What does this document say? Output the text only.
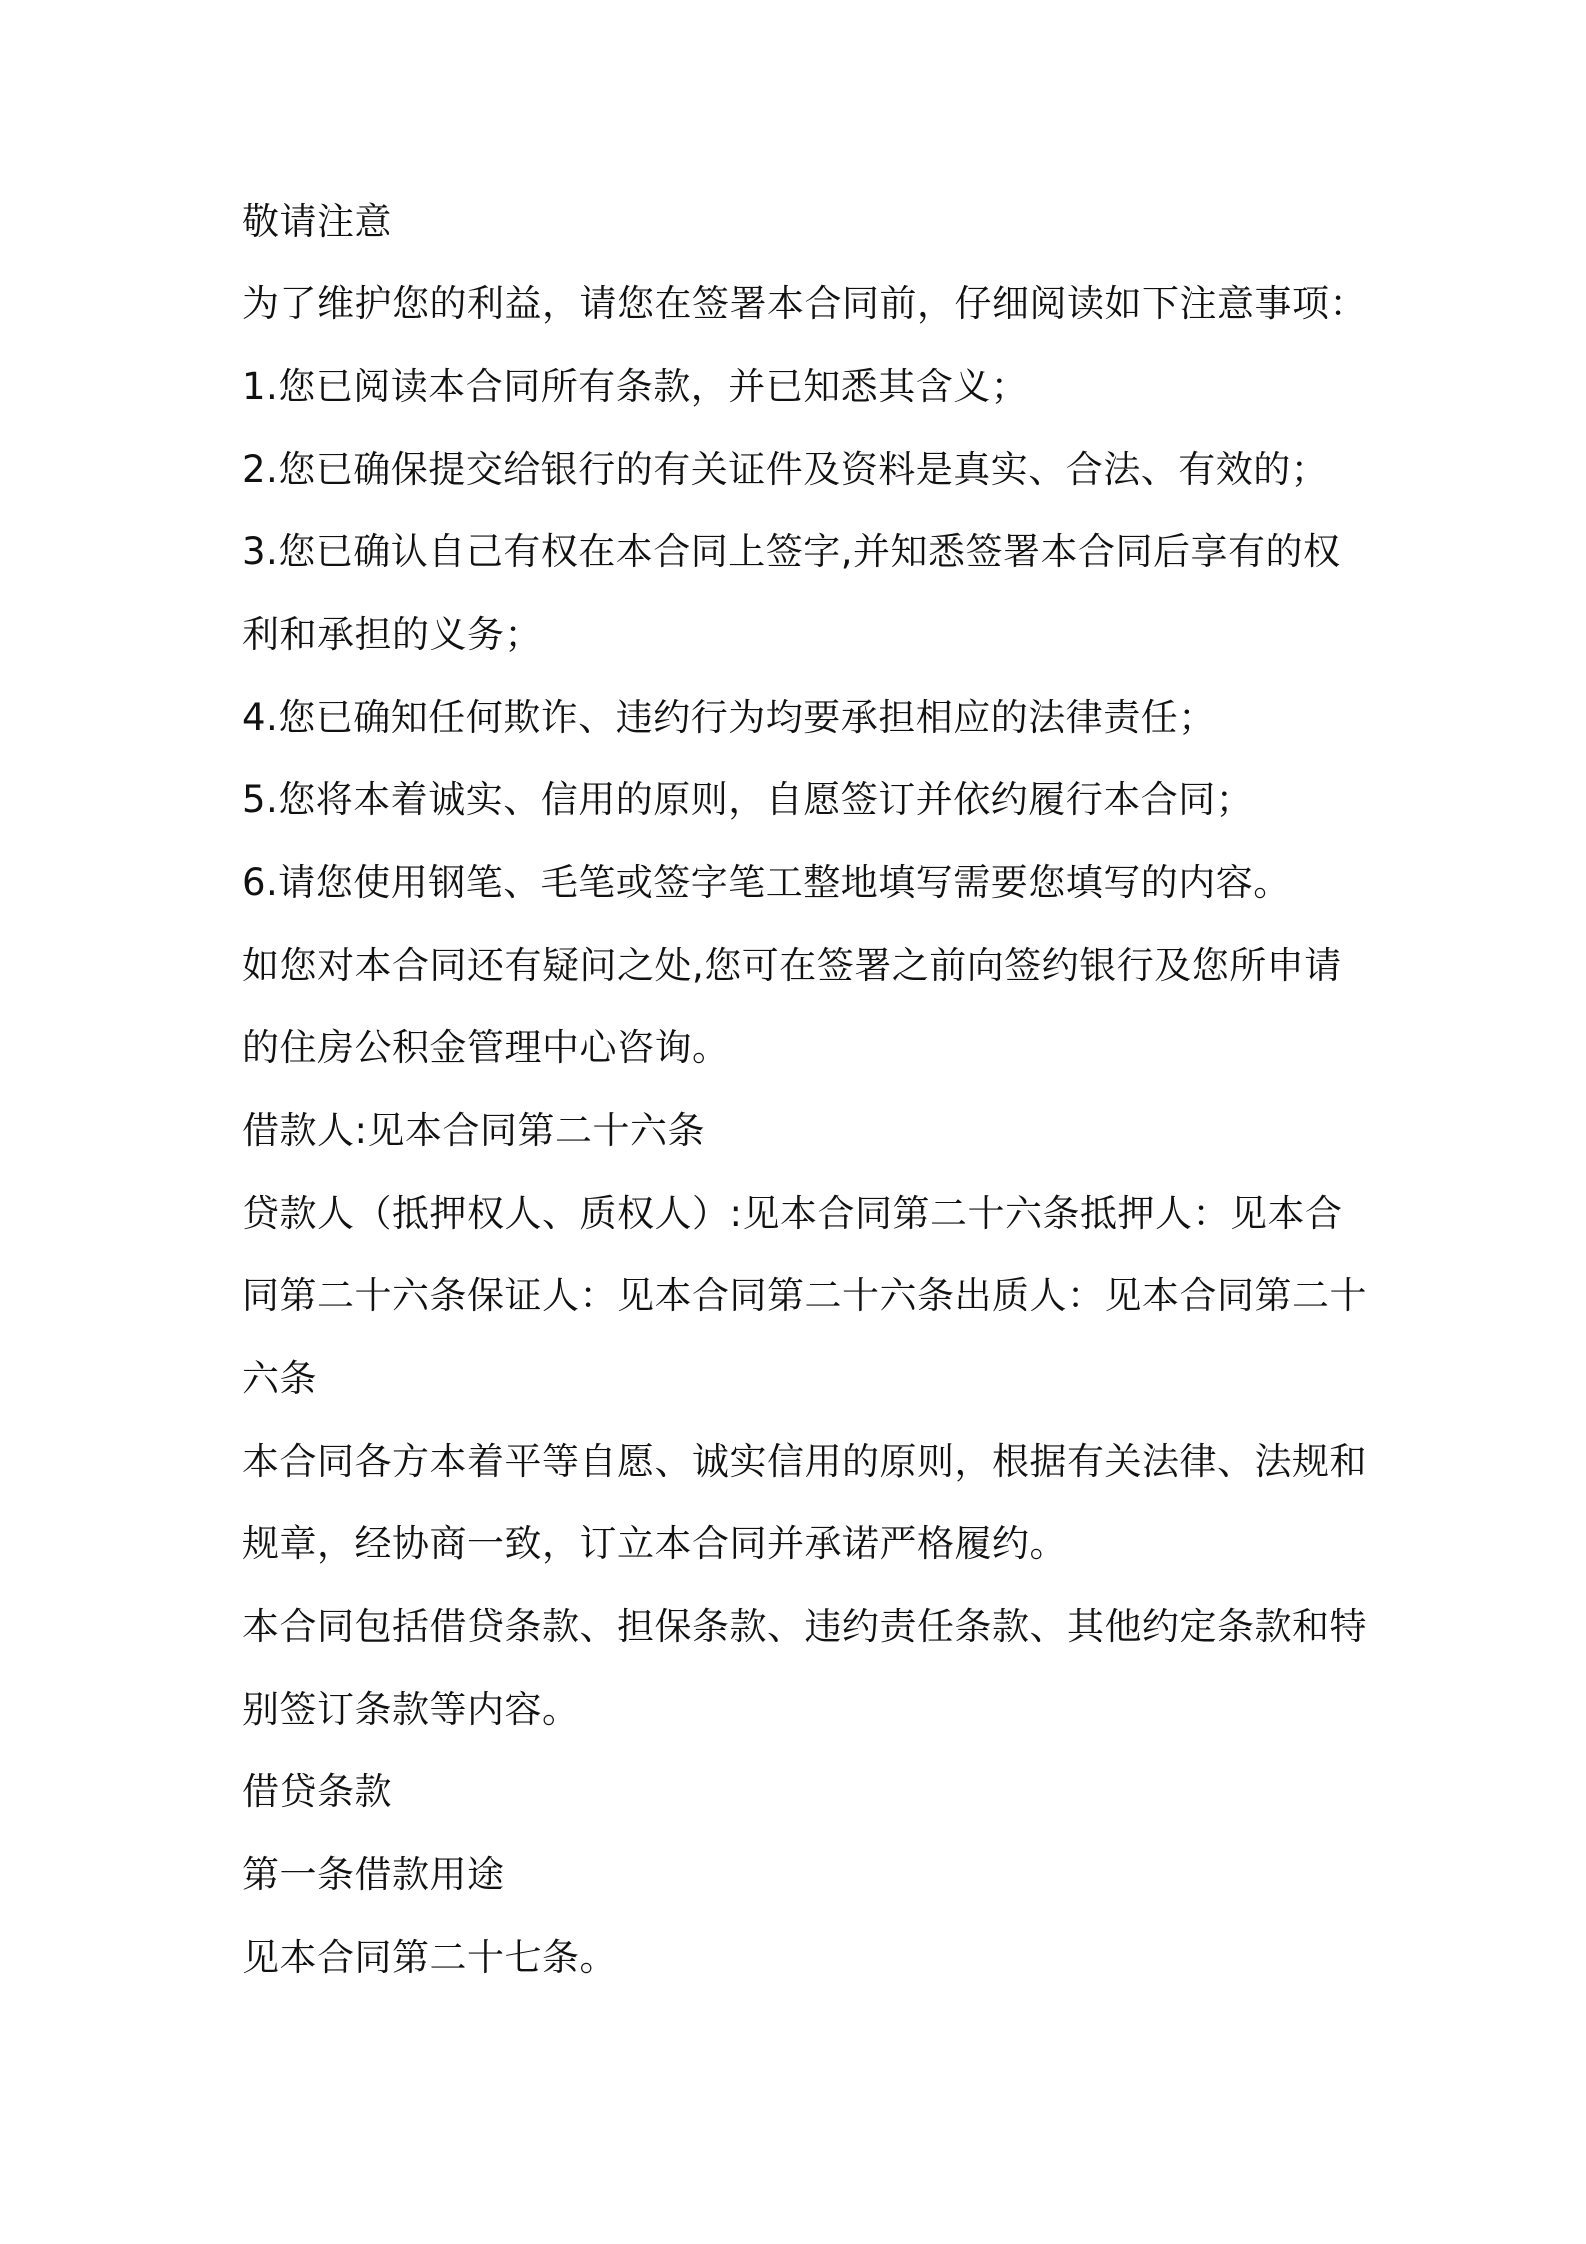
敬请注意
为了维护您的利益，请您在签署本合同前，仔细阅读如下注意事项：
1.您已阅读本合同所有条款，并已知悉其含义；
2.您已确保提交给银行的有关证件及资料是真实、合法、有效的；
3.您已确认自己有权在本合同上签字,并知悉签署本合同后享有的权
利和承担的义务；
4.您已确知任何欺诈、违约行为均要承担相应的法律责任；
5.您将本着诚实、信用的原则，自愿签订并依约履行本合同；
6.请您使用钢笔、毛笔或签字笔工整地填写需要您填写的内容。
如您对本合同还有疑问之处,您可在签署之前向签约银行及您所申请
的住房公积金管理中心咨询。
借款人:见本合同第二十六条
贷款人（抵押权人、质权人）:见本合同第二十六条抵押人：见本合
同第二十六条保证人：见本合同第二十六条出质人：见本合同第二十
六条
本合同各方本着平等自愿、诚实信用的原则，根据有关法律、法规和
规章，经协商一致，订立本合同并承诺严格履约。
本合同包括借贷条款、担保条款、违约责任条款、其他约定条款和特
别签订条款等内容。
借贷条款
第一条借款用途
见本合同第二十七条。
